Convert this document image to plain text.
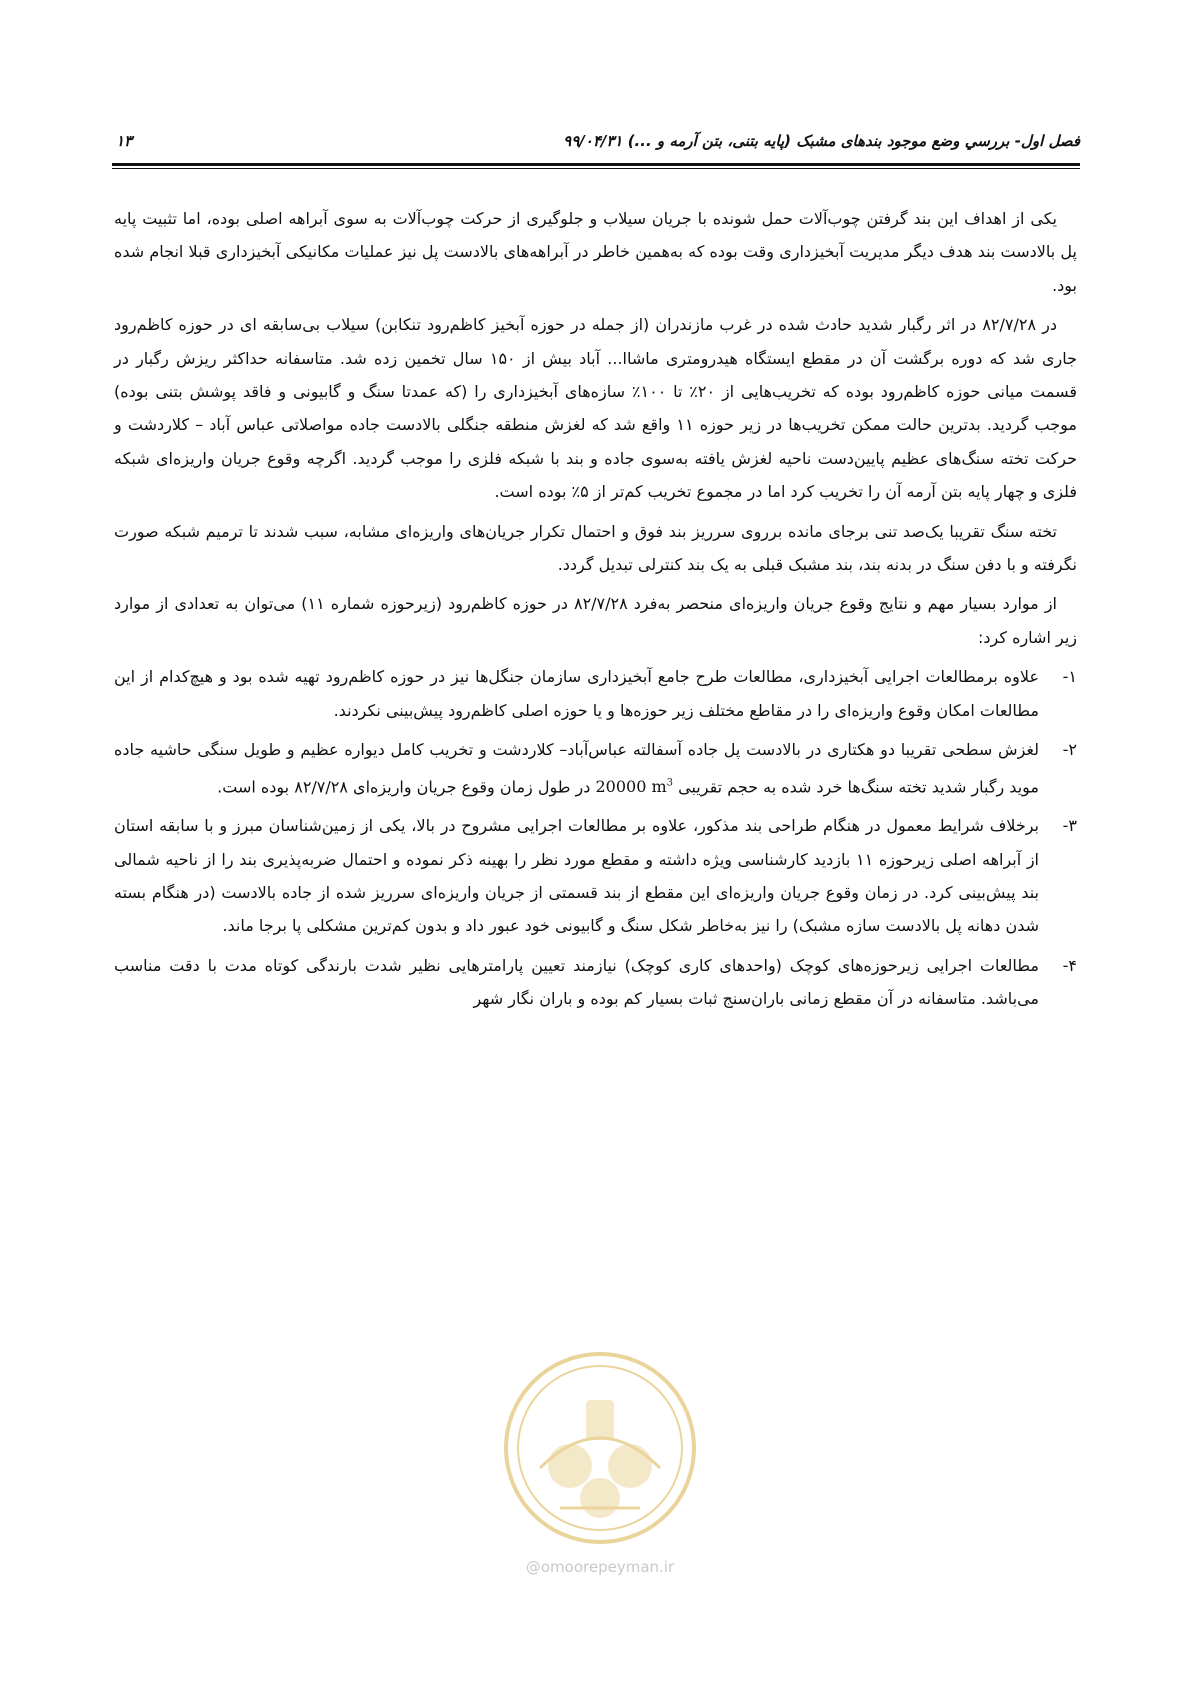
فصل اول- بررسي وضع موجود بندهای مشبک (پایه بتنی، بتن آرمه و ...) ۹۹/۰۴/۳۱
۱۳

یکی از اهداف این بند گرفتن چوب‌آلات حمل شونده با جریان سیلاب و جلوگیری از حرکت چوب‌آلات به سوی آبراهه اصلی بوده، اما تثبیت پایه پل بالادست بند هدف دیگر مدیریت آبخیزداری وقت بوده که به‌همین خاطر در آبراهه‌های بالادست پل نیز عملیات مکانیکی آبخیزداری قبلا انجام شده بود.

در ۸۲/۷/۲۸ در اثر رگبار شدید حادث شده در غرب مازندران (از جمله در حوزه آبخیز کاظم‌رود تنکابن) سیلاب بی‌سابقه ای در حوزه کاظم‌رود جاری شد که دوره برگشت آن در مقطع ایستگاه هیدرومتری ماشاا... آباد بیش از ۱۵۰ سال تخمین زده شد. متاسفانه حداکثر ریزش رگبار در قسمت میانی حوزه کاظم‌رود بوده که تخریب‌هایی از ۲۰٪ تا ۱۰۰٪ سازه‌های آبخیزداری را (که عمدتا سنگ و گابیونی و فاقد پوشش بتنی بوده) موجب گردید. بدترین حالت ممکن تخریب‌ها در زیر حوزه ۱۱ واقع شد که لغزش منطقه جنگلی بالادست جاده مواصلاتی عباس آباد – کلاردشت و حرکت تخته سنگ‌های عظیم پایین‌دست ناحیه لغزش یافته به‌سوی جاده و بند با شبکه فلزی را موجب گردید. اگرچه وقوع جریان واریزه‌ای شبکه فلزی و چهار پایه بتن آرمه آن را تخریب کرد اما در مجموع تخریب کم‌تر از ۵٪ بوده است.

تخته سنگ تقریبا یک‌صد تنی برجای مانده برروی سرریز بند فوق و احتمال تکرار جریان‌های واریزه‌ای مشابه، سبب شدند تا ترمیم شبکه صورت نگرفته و با دفن سنگ در بدنه بند، بند مشبک قبلی به یک بند کنترلی تبدیل گردد.

از موارد بسیار مهم و نتایج وقوع جریان واریزه‌ای منحصر به‌فرد ۸۲/۷/۲۸ در حوزه کاظم‌رود (زیرحوزه شماره ۱۱) می‌توان به تعدادی از موارد زیر اشاره کرد:

۱-
علاوه برمطالعات اجرایی آبخیزداری، مطالعات طرح جامع آبخیزداری سازمان جنگل‌ها نیز در حوزه کاظم‌رود تهیه شده بود و هیچ‌کدام از این مطالعات امکان وقوع واریزه‌ای را در مقاطع مختلف زیر حوزه‌ها و یا حوزه اصلی کاظم‌رود پیش‌بینی نکردند.
۲-
لغزش سطحی تقریبا دو هکتاری در بالادست پل جاده آسفالته عباس‌آباد– کلاردشت و تخریب کامل دیواره عظیم و طویل سنگی حاشیه جاده موید رگبار شدید تخته سنگ‌ها خرد شده به حجم تقریبی 20000 $m^3$ در طول زمان وقوع جریان واریزه‌ای ۸۲/۷/۲۸ بوده است.
۳-
برخلاف شرایط معمول در هنگام طراحی بند مذکور، علاوه بر مطالعات اجرایی مشروح در بالا، یکی از زمین‌شناسان مبرز و با سابقه استان از آبراهه اصلی زیرحوزه ۱۱ بازدید کارشناسی ویژه داشته و مقطع مورد نظر را بهینه ذکر نموده و احتمال ضربه‌پذیری بند را از ناحیه شمالی بند پیش‌بینی کرد. در زمان وقوع جریان واریزه‌ای این مقطع از بند قسمتی از جریان واریزه‌ای سرریز شده از جاده بالادست (در هنگام بسته شدن دهانه پل بالادست سازه مشبک) را نیز به‌خاطر شکل سنگ و گابیونی خود عبور داد و بدون کم‌ترین مشکلی پا برجا ماند.
۴-
مطالعات اجرایی زیرحوزه‌های کوچک (واحدهای کاری کوچک) نیازمند تعیین پارامترهایی نظیر شدت بارندگی کوتاه مدت با دقت مناسب می‌باشد. متاسفانه در آن مقطع زمانی باران‌سنج ثبات بسیار کم بوده و باران نگار شهر
@omoorepeyman.ir
